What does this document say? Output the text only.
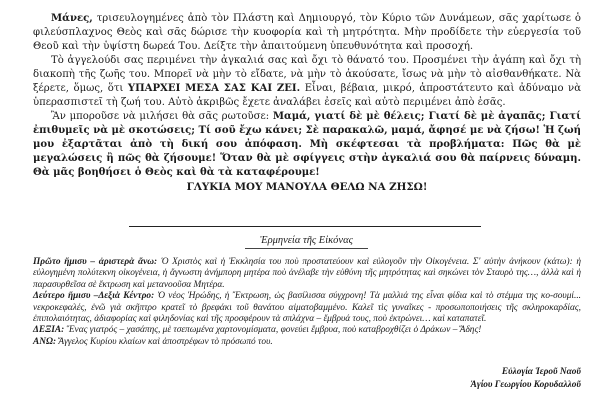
Μάνες, τρισευλογημένες ἀπὸ τὸν Πλάστη καὶ Δημιουργό, τὸν Κύριο τῶν Δυνάμεων, σᾶς χαρίτωσε ὁ φιλεύσπλαχνος Θεὸς καὶ σᾶς δώρισε τὴν κυοφορία καὶ τὴ μητρότητα. Μὴν προδίδετε τὴν εὐεργεσία τοῦ Θεοῦ καὶ τὴν ὑψίστη δωρεά Του. Δείξτε τὴν ἀπαιτούμενη ὑπευθυνότητα καὶ προσοχή.

Τὸ ἀγγελούδι σας περιμένει τὴν ἀγκαλιά σας καὶ ὄχι τὸ θάνατό του. Προσμένει τὴν ἀγάπη καὶ ὄχι τὴ διακοπὴ τῆς ζωῆς του. Μπορεῖ νὰ μὴν τὸ εἴδατε, νὰ μὴν τὸ ἀκούσατε, ἴσως νὰ μὴν τὸ αἰσθανθήκατε. Νὰ ξέρετε, ὅμως, ὅτι ΥΠΑΡΧΕΙ ΜΕΣΑ ΣΑΣ ΚΑΙ ΖΕΙ. Εἶναι, βέβαια, μικρό, ἀπροστάτευτο καὶ ἀδύναμο νὰ ὑπερασπιστεῖ τὴ ζωή του. Αὐτὸ ἀκριβῶς ἔχετε ἀναλάβει ἐσεῖς καὶ αὐτὸ περιμένει ἀπὸ ἐσᾶς.

Ἂν μποροῦσε νὰ μιλήσει θὰ σᾶς ρωτοῦσε: Μαμά, γιατί δὲ μὲ θέλεις; Γιατί δὲ μὲ ἀγαπᾶς; Γιατί ἐπιθυμεῖς νὰ μὲ σκοτώσεις; Τί σοῦ ἔχω κάνει; Σὲ παρακαλῶ, μαμά, ἄφησέ με νὰ ζήσω! Ἡ ζωή μου ἐξαρτᾶται ἀπὸ τὴ δική σου ἀπόφαση. Μὴ σκέφτεσαι τὰ προβλήματα: Πῶς θὰ μὲ μεγαλώσεις ἢ πῶς θὰ ζήσουμε! Ὅταν θὰ μὲ σφίγγεις στὴν ἀγκαλιά σου θὰ παίρνεις δύναμη. Θὰ μᾶς βοηθήσει ὁ Θεὸς καὶ θὰ τὰ καταφέρουμε!

ΓΛΥΚΙΑ ΜΟΥ ΜΑΝΟΥΛΑ ΘΕΛΩ ΝΑ ΖΗΣΩ!

Ἑρμηνεία τῆς Εἰκόνας

Πρῶτο ἥμισυ – ἀριστερὰ ἄνω: Ὁ Χριστὸς καὶ ἡ Ἐκκλησία του ποὺ προστατεύουν καὶ εὐλογοῦν τὴν Οἰκογένεια. Σ' αὐτὴν ἀνήκουν (κάτω): ἡ εὐλογημένη πολύτεκνη οἰκογένεια, ἡ ἄγνωστη ἀνήμπορη μητέρα ποὺ ἀνέλαβε τὴν εὐθύνη τῆς μητρότητας καὶ σηκώνει τὸν Σταυρὸ της…, ἀλλὰ καὶ ἡ παρασυρθεῖσα σὲ ἔκτρωση καὶ μετανοοῦσα Μητέρα.

Δεύτερο ἥμισυ –Δεξιὰ Κέντρο: Ὁ νέος Ἡρώδης, ἡ Ἔκτρωση, ὡς βασίλισσα σύγχρονη! Τὰ μαλλιά της εἶναι φίδια καὶ τὸ στέμμα της κο-σουμί... νεκροκεφαλές, ἐνῶ γιὰ σκῆπτρο κρατεῖ τὸ βρεφάκι τοῦ θανάτου αἱματοβαμμένο. Καλεῖ τὶς γυναῖκες - προσωποποιήσεις τῆς σκληροκαρδίας, ἐπιπολαιότητας, ἀδιαφορίας καὶ φιληδονίας καὶ τῆς προσφέρουν τὰ σπλάχνα – ἔμβρυά τους, ποὺ ἐκτρώνει… καὶ καταπατεῖ.

ΔΕΞΙΑ: Ἕνας γιατρός – χασάπης, μὲ τσεπωμένα χαρτονομίσματα, φονεύει ἔμβρυα, ποὺ καταβροχθίζει ὁ Δράκων – Ἅδης!

ΑΝΩ: Ἄγγελος Κυρίου κλαίων καὶ ἀποστρέφων τὸ πρόσωπό του.

Εὐλογία Ἱεροῦ Ναοῦ
Ἁγίου Γεωργίου Κορυδαλλοῦ
